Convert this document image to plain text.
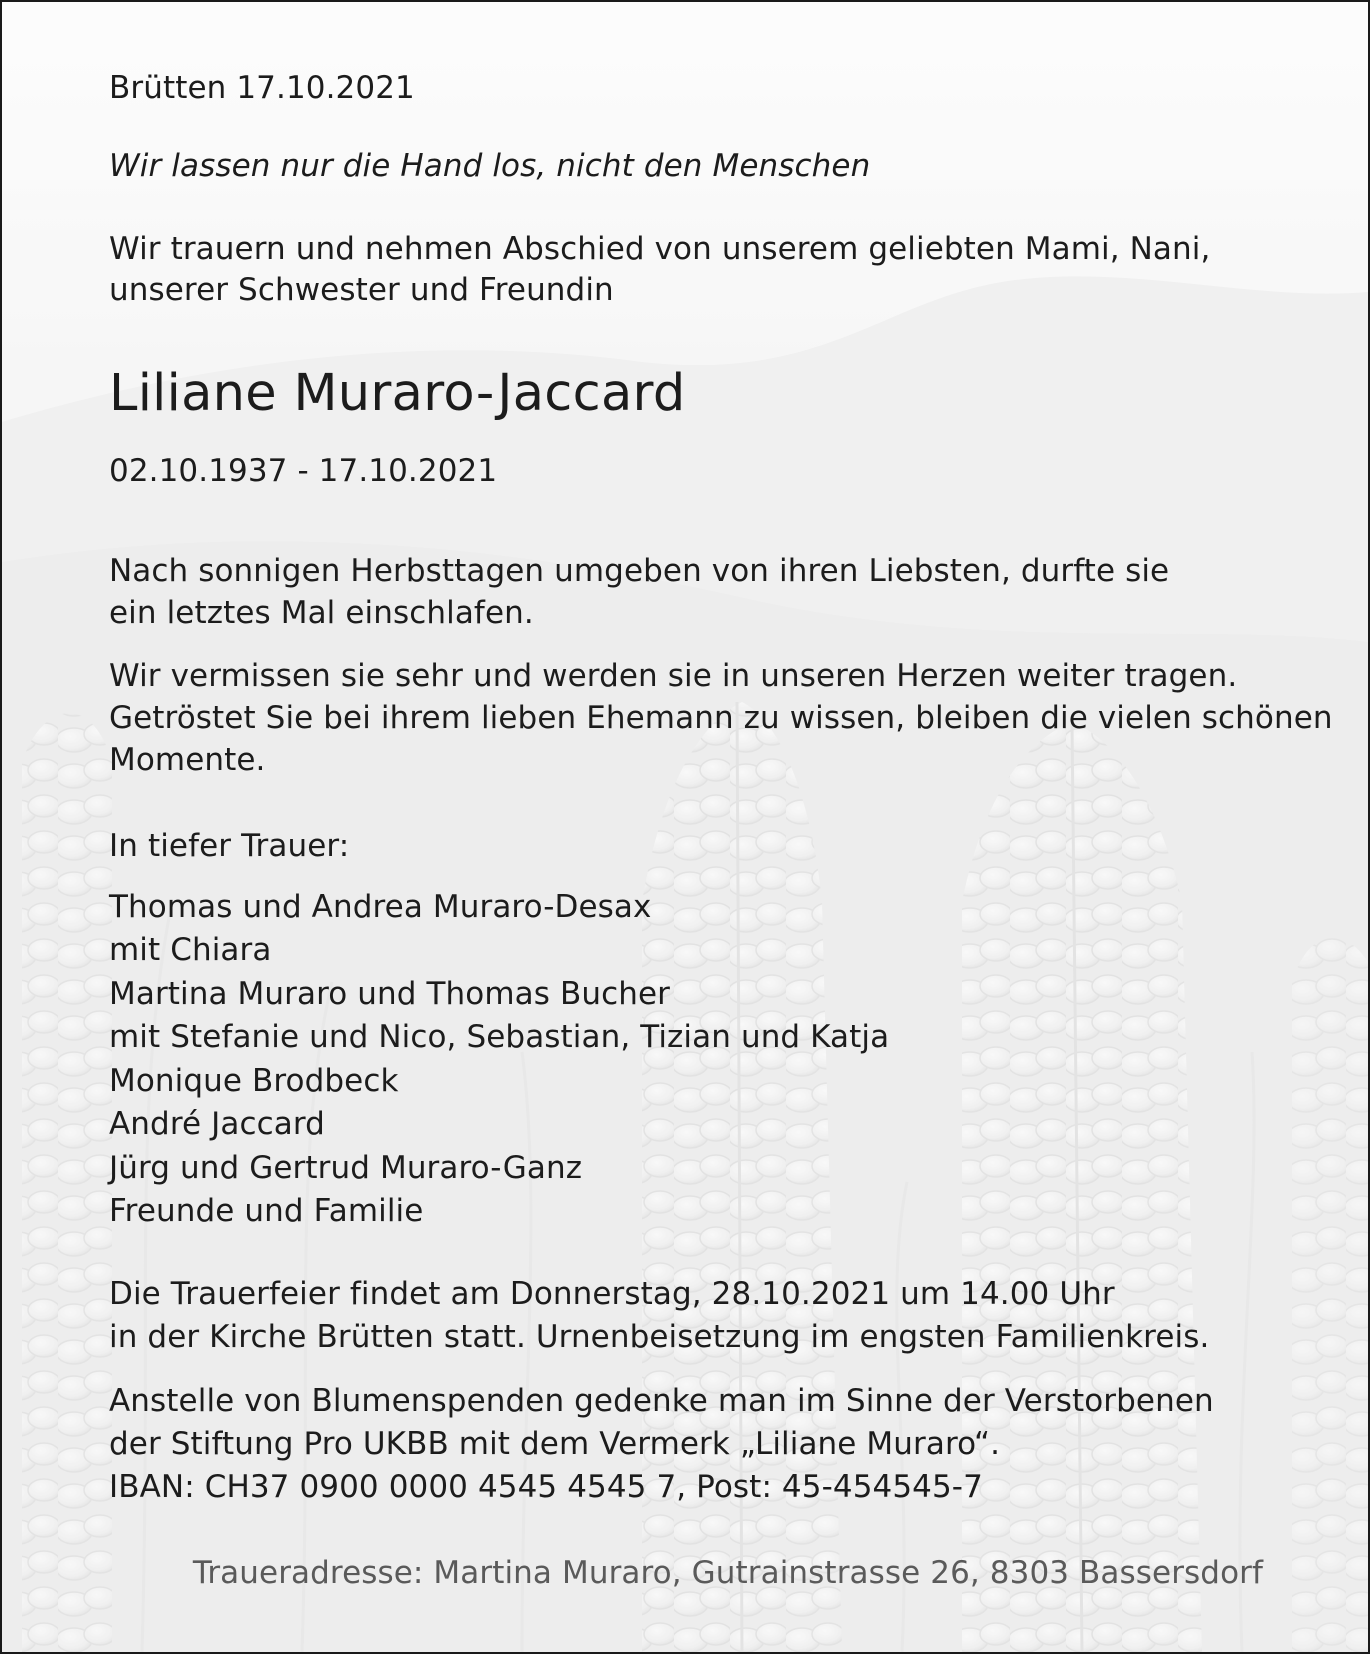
Brütten 17.10.2021

Wir lassen nur die Hand los, nicht den Menschen

Wir trauern und nehmen Abschied von unserem geliebten Mami, Nani,

unserer Schwester und Freundin

Liliane Muraro-Jaccard

02.10.1937 - 17.10.2021

Nach sonnigen Herbsttagen umgeben von ihren Liebsten, durfte sie

ein letztes Mal einschlafen.

Wir vermissen sie sehr und werden sie in unseren Herzen weiter tragen.

Getröstet Sie bei ihrem lieben Ehemann zu wissen, bleiben die vielen schönen

Momente.

In tiefer Trauer:

Thomas und Andrea Muraro-Desax

mit Chiara

Martina Muraro und Thomas Bucher

mit Stefanie und Nico, Sebastian, Tizian und Katja

Monique Brodbeck

André Jaccard

Jürg und Gertrud Muraro-Ganz

Freunde und Familie

Die Trauerfeier findet am Donnerstag, 28.10.2021 um 14.00 Uhr

in der Kirche Brütten statt. Urnenbeisetzung im engsten Familienkreis.

Anstelle von Blumenspenden gedenke man im Sinne der Verstorbenen

der Stiftung Pro UKBB mit dem Vermerk „Liliane Muraro“.

IBAN: CH37 0900 0000 4545 4545 7, Post: 45-454545-7

Traueradresse: Martina Muraro, Gutrainstrasse 26, 8303 Bassersdorf
